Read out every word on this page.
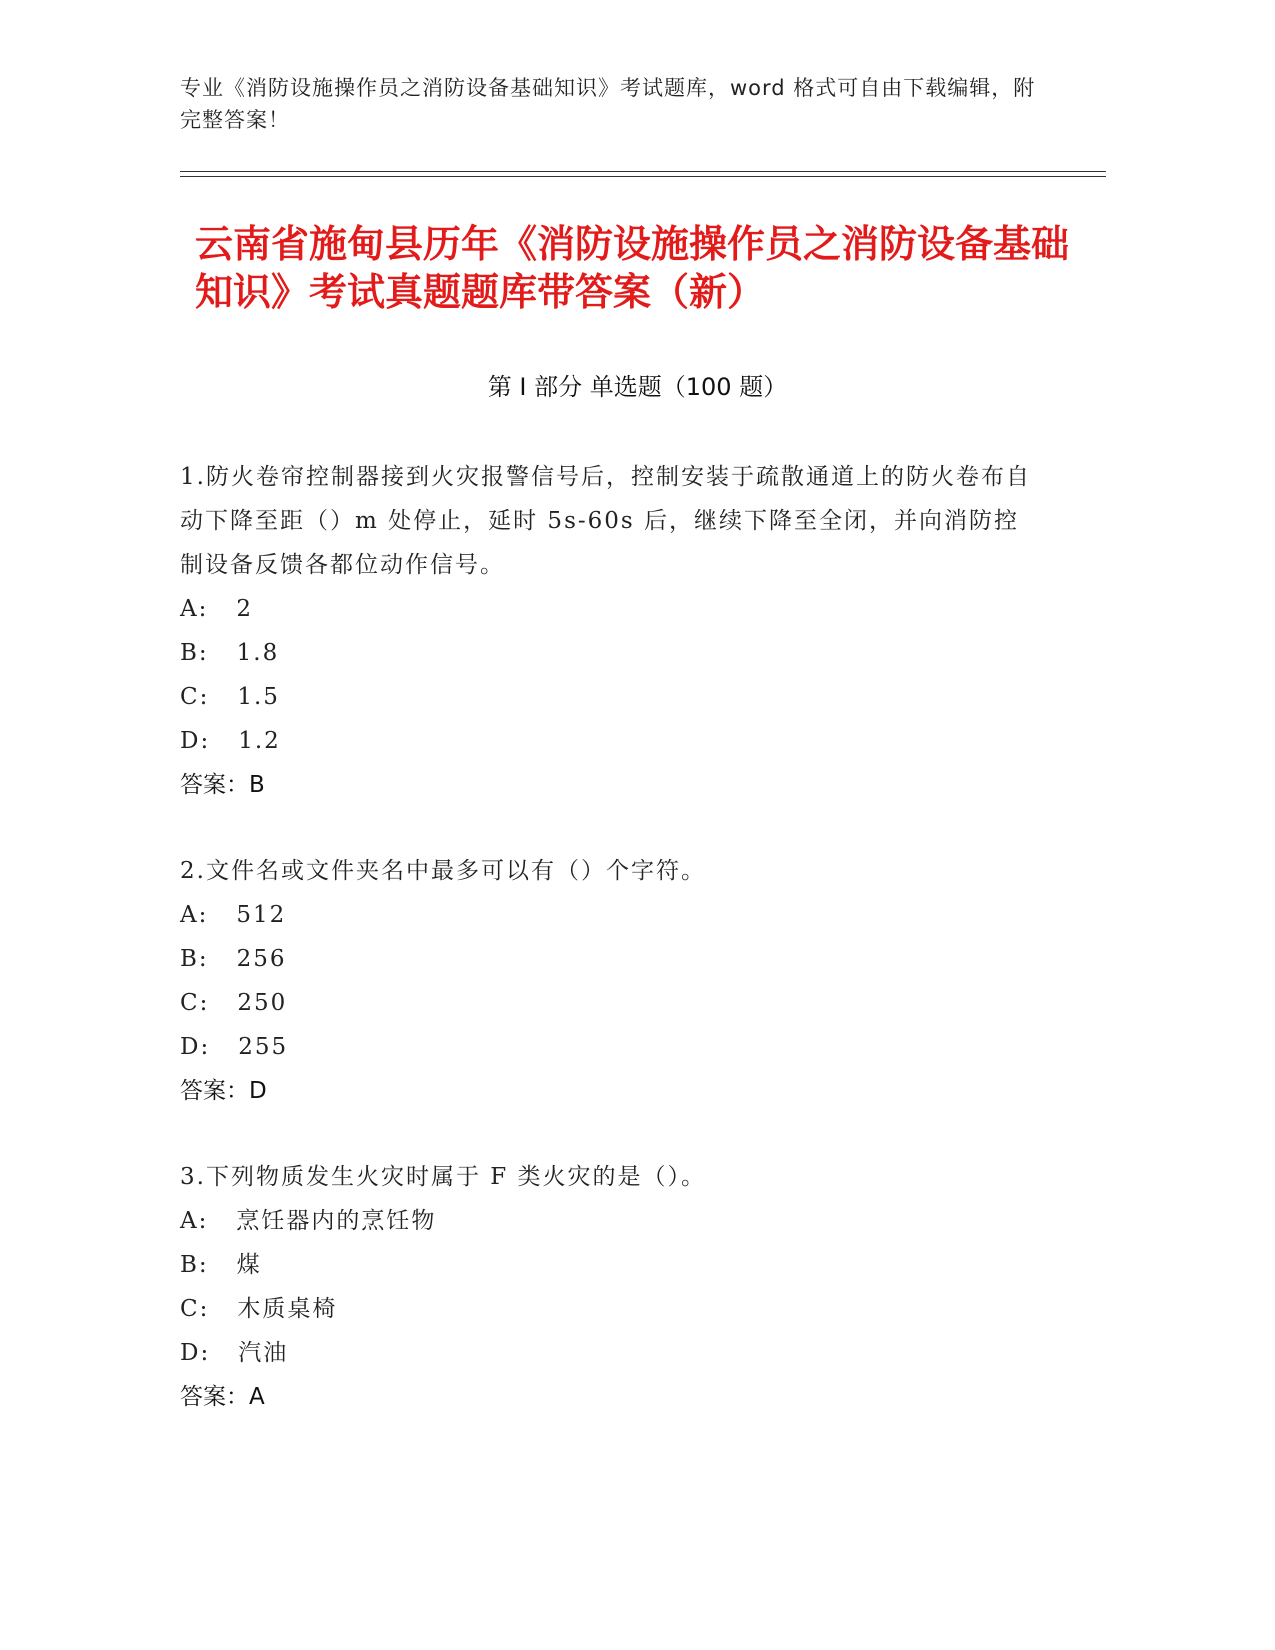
专业《消防设施操作员之消防设备基础知识》考试题库，word 格式可自由下载编辑，附完整答案！
云南省施甸县历年《消防设施操作员之消防设备基础知识》考试真题题库带答案（新）
第 I 部分 单选题（100 题）
1.防火卷帘控制器接到火灾报警信号后，控制安装于疏散通道上的防火卷布自动下降至距（）m 处停止，延时 5s-60s 后，继续下降至全闭，并向消防控制设备反馈各都位动作信号。
A: 2
B: 1.8
C: 1.5
D: 1.2
答案：B
2.文件名或文件夹名中最多可以有（）个字符。
A: 512
B: 256
C: 250
D: 255
答案：D
3.下列物质发生火灾时属于 F 类火灾的是（）。
A: 烹饪器内的烹饪物
B: 煤
C: 木质桌椅
D: 汽油
答案：A
